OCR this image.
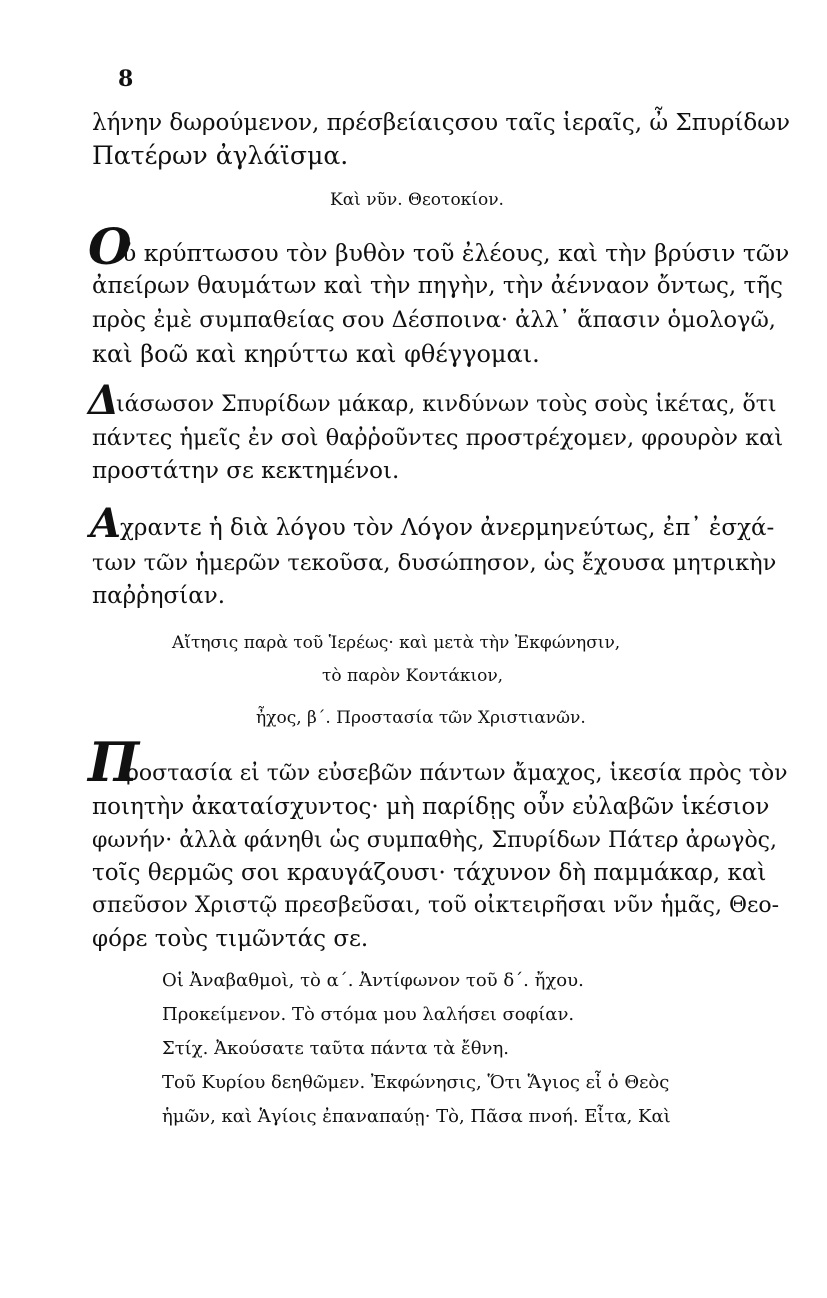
8
λήνην δωρούμενον, πρέσβείαιςσου ταῖς ἱεραῖς, ὦ Σπυρίδων
Πατέρων ἀγλάϊσμα.
Καὶ νῦν. Θεοτοκίον.
Ο
ὐ κρύπτωσου τὸν βυθὸν τοῦ ἐλέους, καὶ τὴν βρύσιν τῶν
ἀπείρων θαυμάτων καὶ τὴν πηγὴν, τὴν ἀένναον ὄντως, τῆς
πρὸς ἐμὲ συμπαθείας σου Δέσποινα· ἀλλ᾽ ἅπασιν ὁμολογῶ,
καὶ βοῶ καὶ κηρύττω καὶ φθέγγομαι.
Δ
ιάσωσον Σπυρίδων μάκαρ, κινδύνων τοὺς σοὺς ἱκέτας, ὅτι
πάντες ἡμεῖς ἐν σοὶ θαῤῥοῦντες προστρέχομεν, φρουρὸν καὶ
προστάτην σε κεκτημένοι.
Α
χραντε ἡ διὰ λόγου τὸν Λόγον ἀνερμηνεύτως, ἐπ᾽ ἐσχά-
των τῶν ἡμερῶν τεκοῦσα, δυσώπησον, ὡς ἔχουσα μητρικὴν
παῤῥησίαν.
Αἴτησις παρὰ τοῦ Ἱερέως· καὶ μετὰ τὴν Ἐκφώνησιν,
τὸ παρὸν Κοντάκιον,
ἦχος, β΄. Προστασία τῶν Χριστιανῶν.
Π
ροστασία εἰ τῶν εὐσεβῶν πάντων ἄμαχος, ἱκεσία πρὸς τὸν
ποιητὴν ἀκαταίσχυντος· μὴ παρίδῃς οὖν εὐλαβῶν ἱκέσιον
φωνήν· ἀλλὰ φάνηθι ὡς συμπαθὴς, Σπυρίδων Πάτερ ἀρωγὸς,
τοῖς θερμῶς σοι κραυγάζουσι· τάχυνον δὴ παμμάκαρ, καὶ
σπεῦσον Χριστῷ πρεσβεῦσαι, τοῦ οἰκτειρῆσαι νῦν ἡμᾶς, Θεο-
φόρε τοὺς τιμῶντάς σε.
Οἱ Ἀναβαθμοὶ, τὸ α΄. Ἀντίφωνον τοῦ δ΄. ἤχου.
Προκείμενον. Τὸ στόμα μου λαλήσει σοφίαν.
Στίχ. Ἀκούσατε ταῦτα πάντα τὰ ἔθνη.
Τοῦ Κυρίου δεηθῶμεν. Ἐκφώνησις, Ὅτι Ἅγιος εἶ ὁ Θεὸς
ἡμῶν, καὶ Ἁγίοις ἐπαναπαύῃ· Τὸ, Πᾶσα πνοή. Εἶτα, Καὶ
